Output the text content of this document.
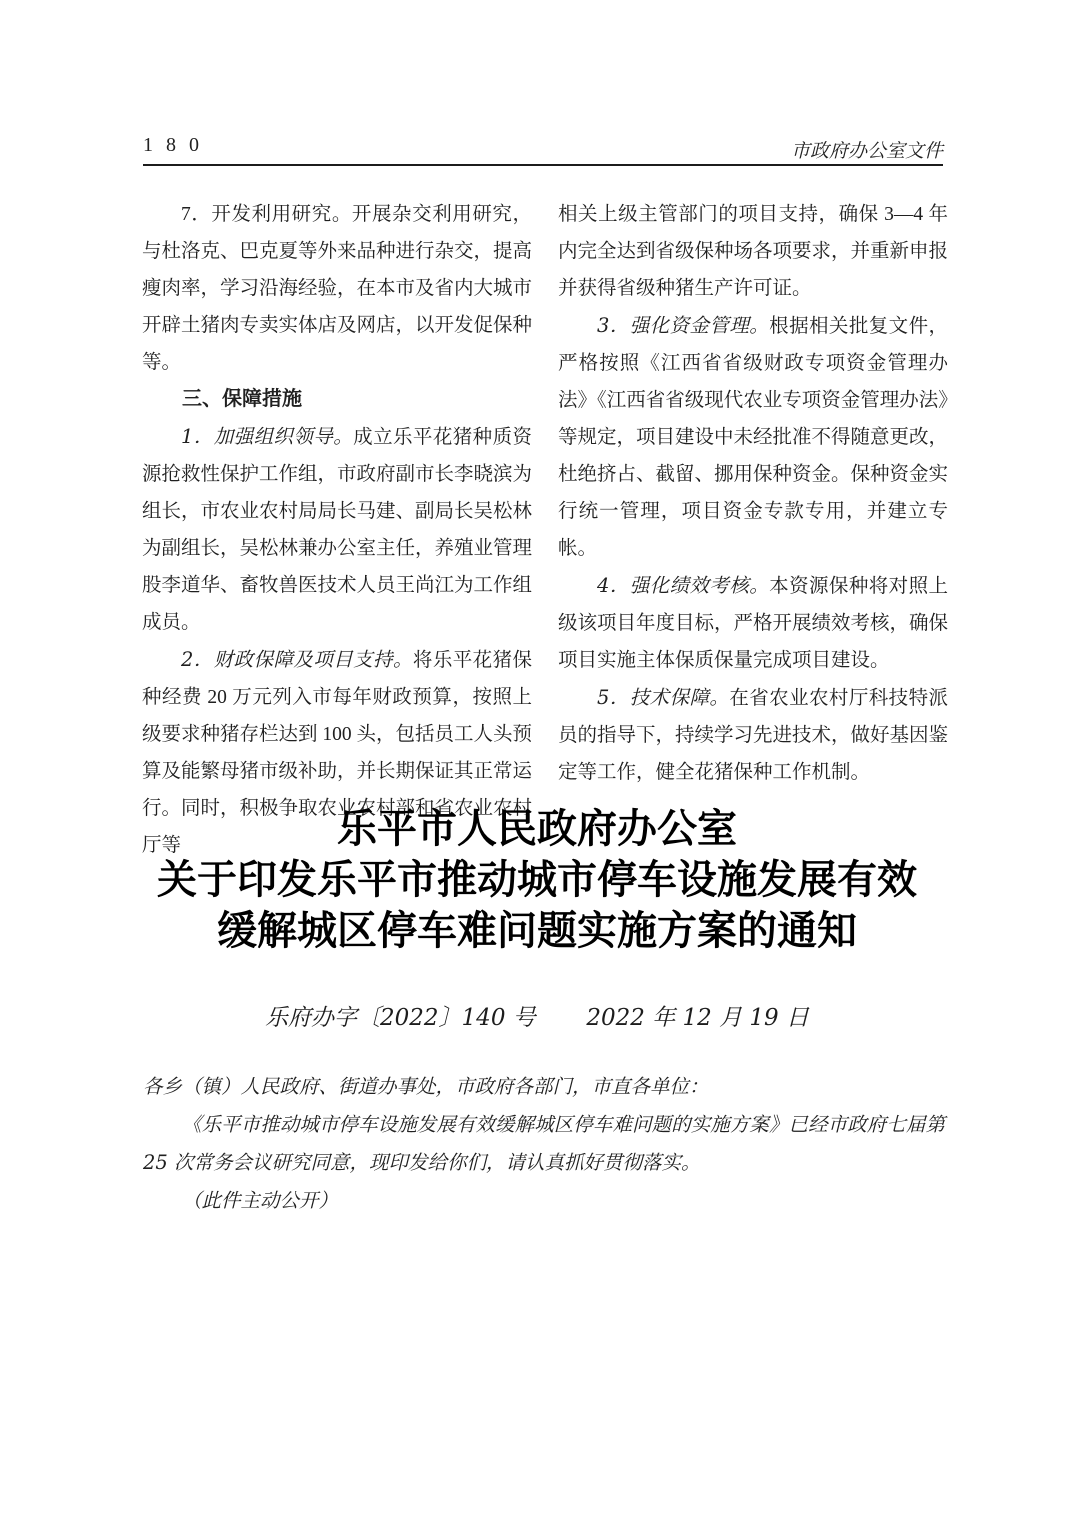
1 8 0	市政府办公室文件

7．开发利用研究。开展杂交利用研究，与杜洛克、巴克夏等外来品种进行杂交，提高瘦肉率，学习沿海经验，在本市及省内大城市开辟土猪肉专卖实体店及网店，以开发促保种等。

三、保障措施

1．加强组织领导。成立乐平花猪种质资源抢救性保护工作组，市政府副市长李晓滨为组长，市农业农村局局长马建、副局长吴松林为副组长，吴松林兼办公室主任，养殖业管理股李道华、畜牧兽医技术人员王尚江为工作组成员。

2．财政保障及项目支持。将乐平花猪保种经费 20 万元列入市每年财政预算，按照上级要求种猪存栏达到 100 头，包括员工人头预算及能繁母猪市级补助，并长期保证其正常运行。同时，积极争取农业农村部和省农业农村厅等

相关上级主管部门的项目支持，确保 3—4 年内完全达到省级保种场各项要求，并重新申报并获得省级种猪生产许可证。

3．强化资金管理。根据相关批复文件，严格按照《江西省省级财政专项资金管理办法》《江西省省级现代农业专项资金管理办法》等规定，项目建设中未经批准不得随意更改，杜绝挤占、截留、挪用保种资金。保种资金实行统一管理，项目资金专款专用，并建立专帐。

4．强化绩效考核。本资源保种将对照上级该项目年度目标，严格开展绩效考核，确保项目实施主体保质保量完成项目建设。

5．技术保障。在省农业农村厅科技特派员的指导下，持续学习先进技术，做好基因鉴定等工作，健全花猪保种工作机制。

乐平市人民政府办公室
关于印发乐平市推动城市停车设施发展有效
缓解城区停车难问题实施方案的通知
乐府办字〔2022〕140 号 2022 年 12 月 19 日

各乡（镇）人民政府、街道办事处，市政府各部门，市直各单位：

《乐平市推动城市停车设施发展有效缓解城区停车难问题的实施方案》已经市政府七届第 25 次常务会议研究同意，现印发给你们，请认真抓好贯彻落实。

（此件主动公开）
